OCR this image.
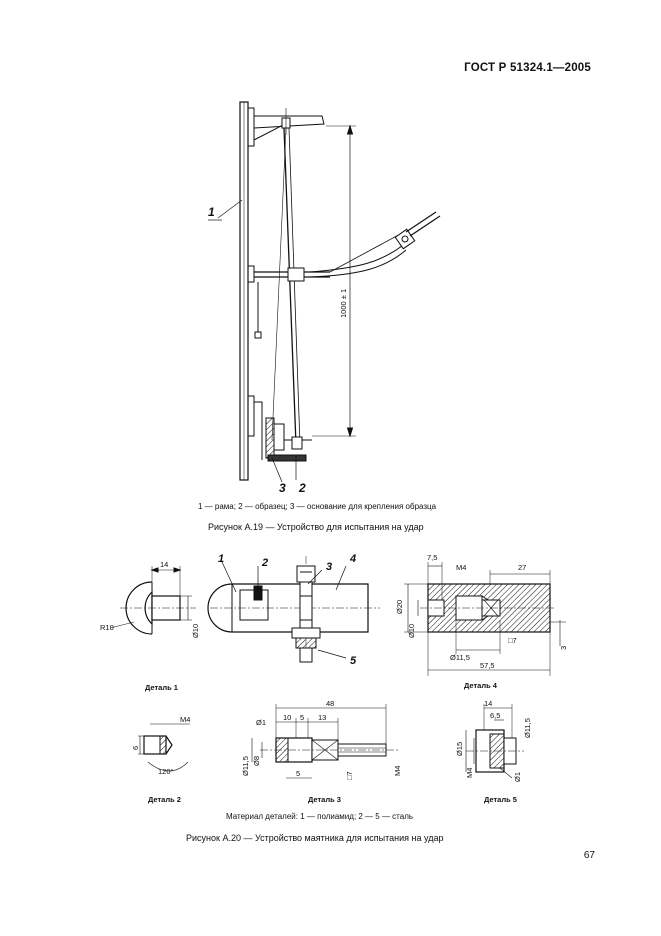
ГОСТ Р 51324.1—2005
1
3 2
1000 ± 1
1	2	3
4
5
14
R10	Ø10
Деталь 1
7,5
M4	27
Ø20
Ø10
Ø11,5
□7
57,5
3
Деталь 4
M4
6
120°
Деталь 2
48
Ø1
10 5 13
Ø11,5 Ø8
5	□7	M4
Деталь 3
14
6,5
Ø11,5
Ø15
M4	Ø1
Деталь 5
1 — рама; 2 — образец; 3 — основание для крепления образца
Рисунок А.19 — Устройство для испытания на удар
Материал деталей: 1 — полиамид; 2 — 5 — сталь
Рисунок А.20 — Устройство маятника для испытания на удар
67
